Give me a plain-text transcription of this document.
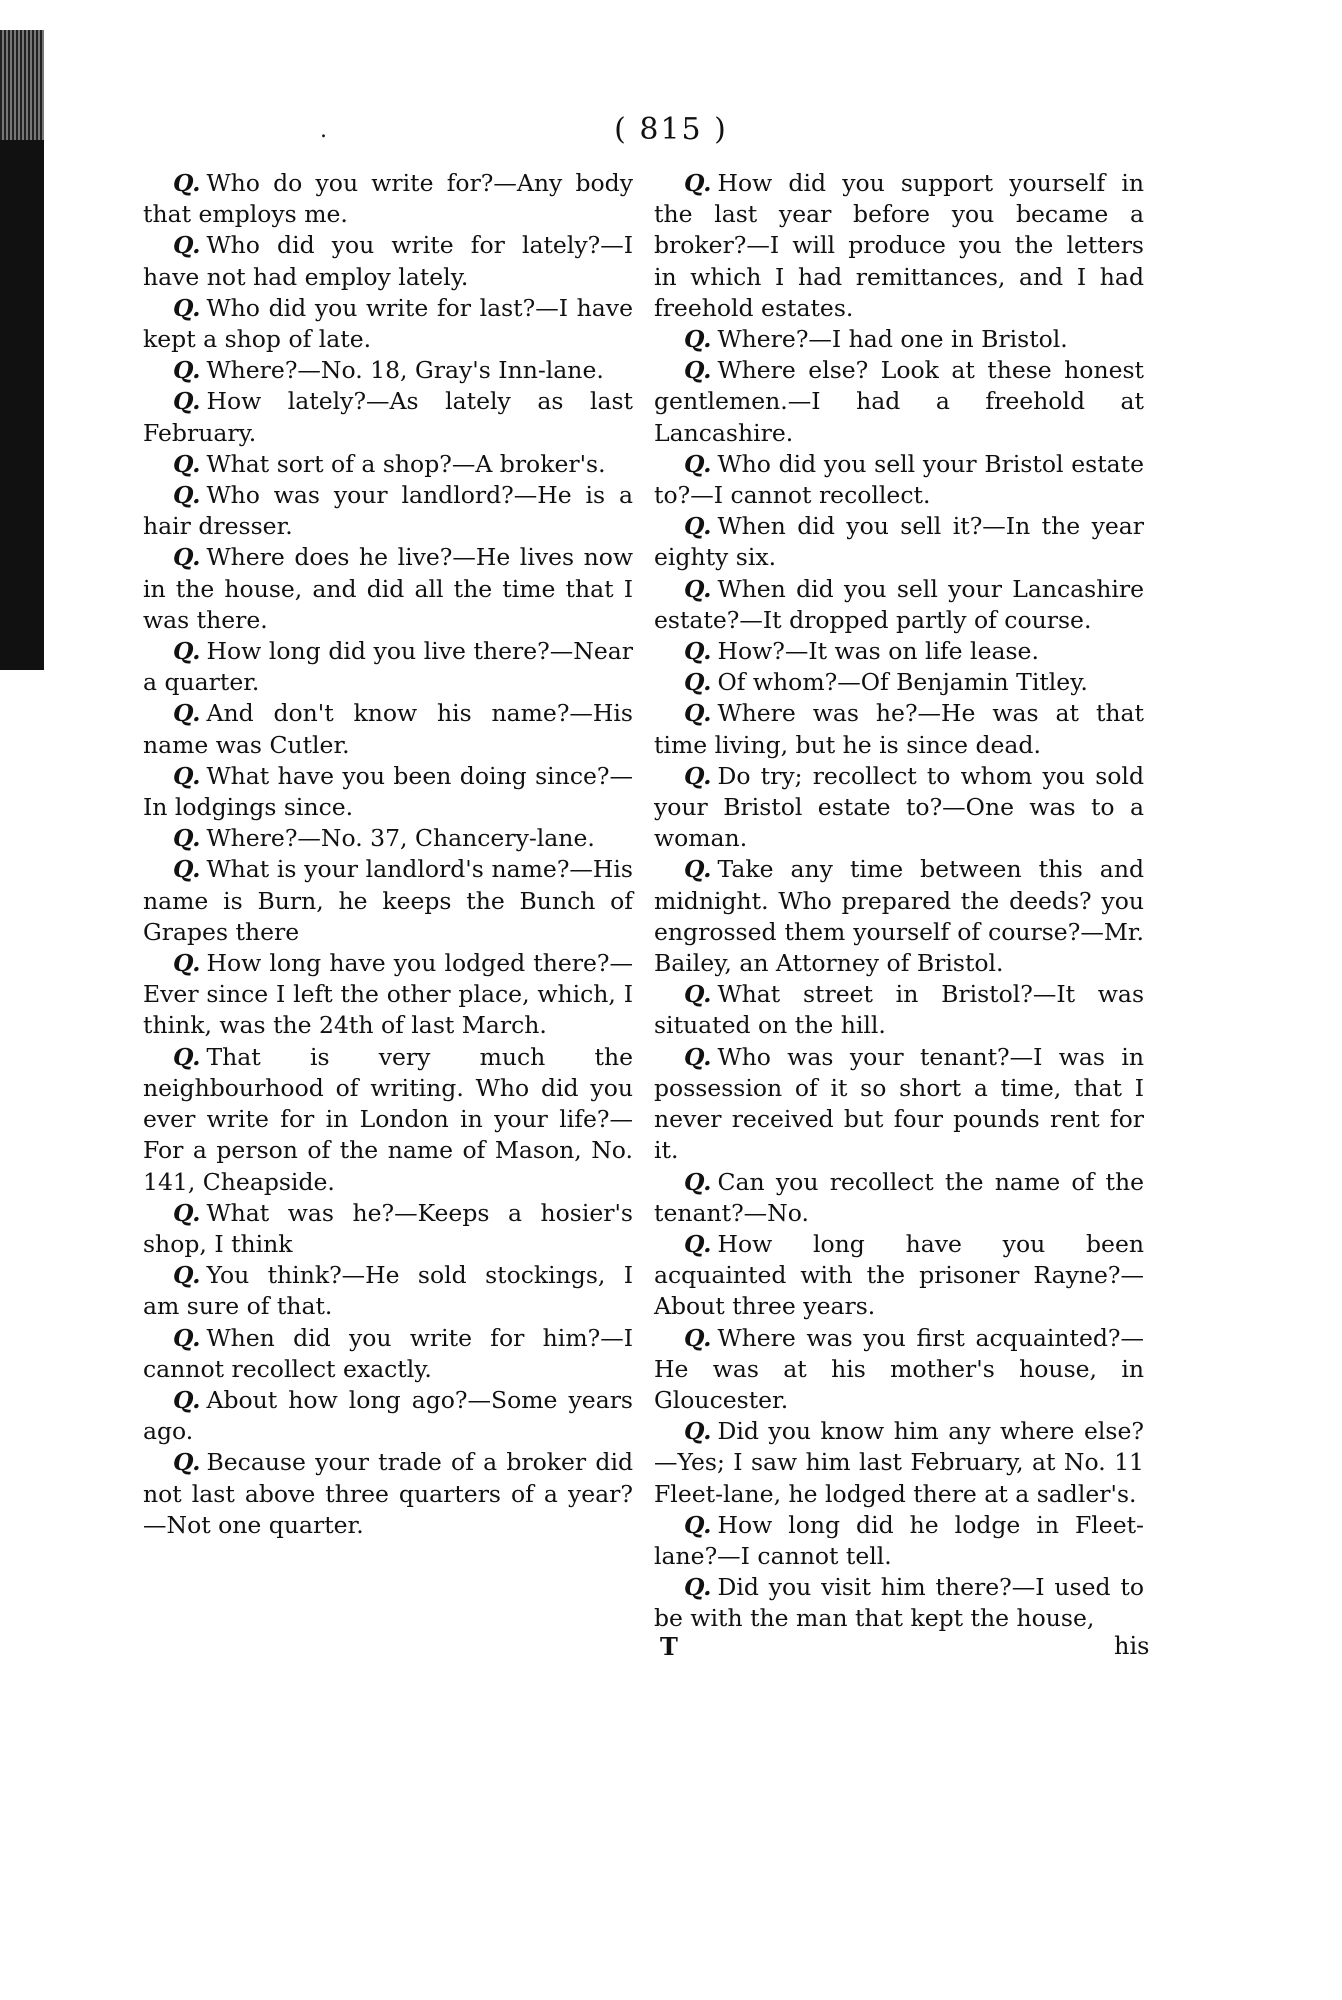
.	( 815 )

Q. Who do you write for?—Any body that employs me.

Q. Who did you write for lately?—I have not had employ lately.

Q. Who did you write for last?—I have kept a shop of late.

Q. Where?—No. 18, Gray's Inn-lane.

Q. How lately?—As lately as last February.

Q. What sort of a shop?—A broker's.

Q. Who was your landlord?—He is a hair dresser.

Q. Where does he live?—He lives now in the house, and did all the time that I was there.

Q. How long did you live there?—Near a quarter.

Q. And don't know his name?—His name was Cutler.

Q. What have you been doing since?—In lodgings since.

Q. Where?—No. 37, Chancery-lane.

Q. What is your landlord's name?—His name is Burn, he keeps the Bunch of Grapes there

Q. How long have you lodged there?—Ever since I left the other place, which, I think, was the 24th of last March.

Q. That is very much the neighbourhood of writing. Who did you ever write for in London in your life?—For a person of the name of Mason, No. 141, Cheapside.

Q. What was he?—Keeps a hosier's shop, I think

Q. You think?—He sold stockings, I am sure of that.

Q. When did you write for him?—I cannot recollect exactly.

Q. About how long ago?—Some years ago.

Q. Because your trade of a broker did not last above three quarters of a year?—Not one quarter.

Q. How did you support yourself in the last year before you became a broker?—I will produce you the letters in which I had remittances, and I had freehold estates.

Q. Where?—I had one in Bristol.

Q. Where else? Look at these honest gentlemen.—I had a freehold at Lancashire.

Q. Who did you sell your Bristol estate to?—I cannot recollect.

Q. When did you sell it?—In the year eighty six.

Q. When did you sell your Lancashire estate?—It dropped partly of course.

Q. How?—It was on life lease.

Q. Of whom?—Of Benjamin Titley.

Q. Where was he?—He was at that time living, but he is since dead.

Q. Do try; recollect to whom you sold your Bristol estate to?—One was to a woman.

Q. Take any time between this and midnight. Who prepared the deeds? you engrossed them yourself of course?—Mr. Bailey, an Attorney of Bristol.

Q. What street in Bristol?—It was situated on the hill.

Q. Who was your tenant?—I was in possession of it so short a time, that I never received but four pounds rent for it.

Q. Can you recollect the name of the tenant?—No.

Q. How long have you been acquainted with the prisoner Rayne?—About three years.

Q. Where was you first acquainted?—He was at his mother's house, in Gloucester.

Q. Did you know him any where else?—Yes; I saw him last February, at No. 11 Fleet-lane, he lodged there at a sadler's.

Q. How long did he lodge in Fleet-lane?—I cannot tell.

Q. Did you visit him there?—I used to be with the man that kept the house,

T	his
